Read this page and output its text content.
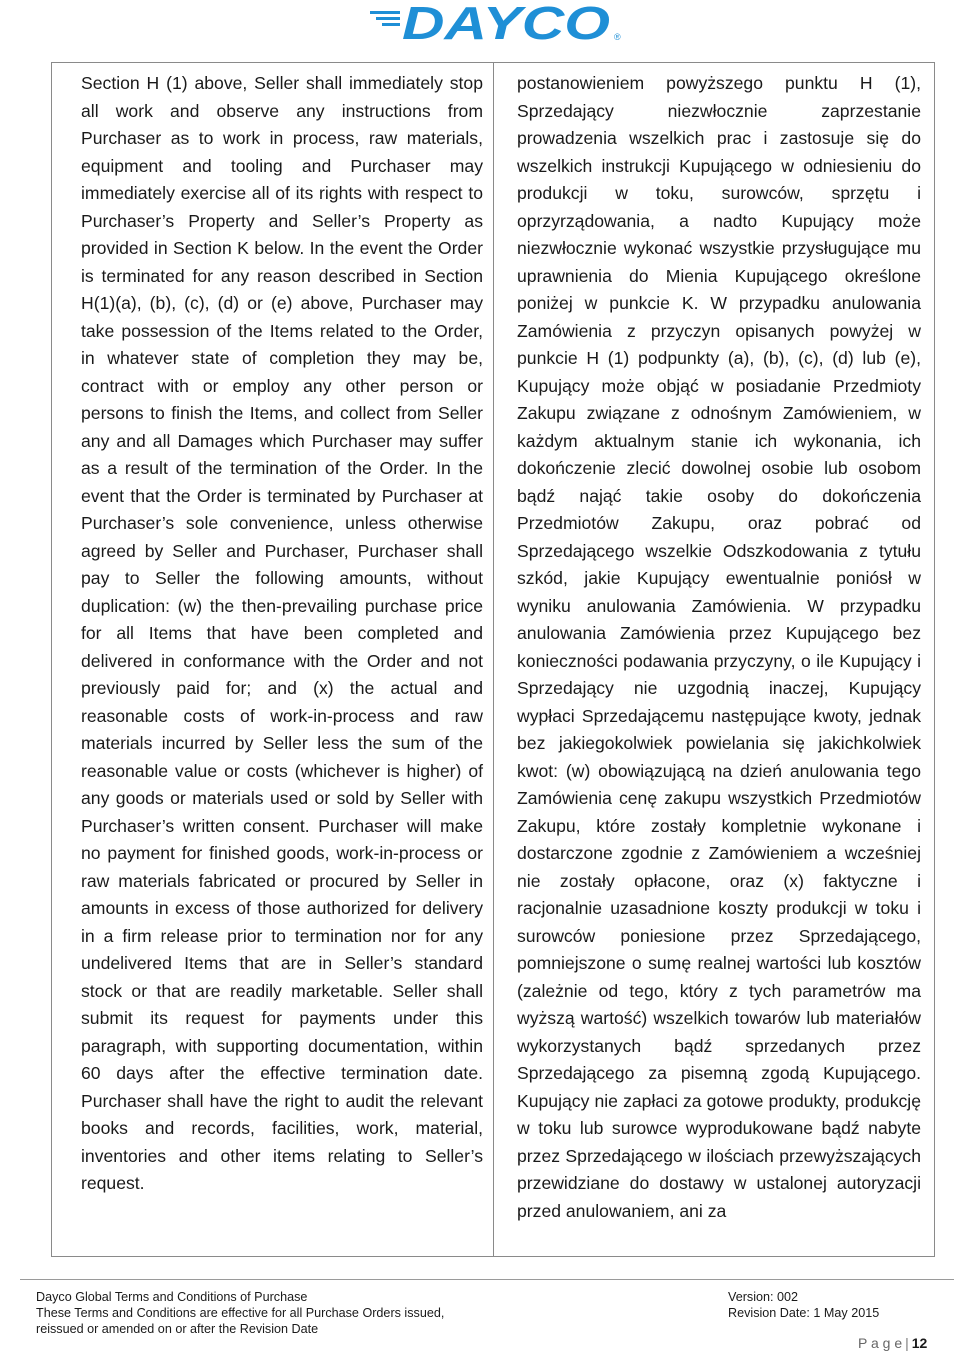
DAYCO ®

Section H (1) above, Seller shall immediately stop all work and observe any instructions from Purchaser as to work in process, raw materials, equipment and tooling and Purchaser may immediately exercise all of its rights with respect to Purchaser’s Property and Seller’s Property as provided in Section K below. In the event the Order is terminated for any reason described in Section H(1)(a), (b), (c), (d) or (e) above, Purchaser may take possession of the Items related to the Order, in whatever state of completion they may be, contract with or employ any other person or persons to finish the Items, and collect from Seller any and all Damages which Purchaser may suffer as a result of the termination of the Order. In the event that the Order is terminated by Purchaser at Purchaser’s sole convenience, unless otherwise agreed by Seller and Purchaser, Purchaser shall pay to Seller the following amounts, without duplication: (w) the then-prevailing purchase price for all Items that have been completed and delivered in conformance with the Order and not previously paid for; and (x) the actual and reasonable costs of work-in-process and raw materials incurred by Seller less the sum of the reasonable value or costs (whichever is higher) of any goods or materials used or sold by Seller with Purchaser’s written consent. Purchaser will make no payment for finished goods, work-in-process or raw materials fabricated or procured by Seller in amounts in excess of those authorized for delivery in a firm release prior to termination nor for any undelivered Items that are in Seller’s standard stock or that are readily marketable. Seller shall submit its request for payments under this paragraph, with supporting documentation, within 60 days after the effective termination date. Purchaser shall have the right to audit the relevant books and records, facilities, work, material, inventories and other items relating to Seller’s request.

postanowieniem powyższego punktu H (1), Sprzedający niezwłocznie zaprzestanie prowadzenia wszelkich prac i zastosuje się do wszelkich instrukcji Kupującego w odniesieniu do produkcji w toku, surowców, sprzętu i oprzyrządowania, a nadto Kupujący może niezwłocznie wykonać wszystkie przysługujące mu uprawnienia do Mienia Kupującego określone poniżej w punkcie K. W przypadku anulowania Zamówienia z przyczyn opisanych powyżej w punkcie H (1) podpunkty (a), (b), (c), (d) lub (e), Kupujący może objąć w posiadanie Przedmioty Zakupu związane z odnośnym Zamówieniem, w każdym aktualnym stanie ich wykonania, ich dokończenie zlecić dowolnej osobie lub osobom bądź nająć takie osoby do dokończenia Przedmiotów Zakupu, oraz pobrać od Sprzedającego wszelkie Odszkodowania z tytułu szkód, jakie Kupujący ewentualnie poniósł w wyniku anulowania Zamówienia. W przypadku anulowania Zamówienia przez Kupującego bez konieczności podawania przyczyny, o ile Kupujący i Sprzedający nie uzgodnią inaczej, Kupujący wypłaci Sprzedającemu następujące kwoty, jednak bez jakiegokolwiek powielania się jakichkolwiek kwot: (w) obowiązującą na dzień anulowania tego Zamówienia cenę zakupu wszystkich Przedmiotów Zakupu, które zostały kompletnie wykonane i dostarczone zgodnie z Zamówieniem a wcześniej nie zostały opłacone, oraz (x) faktyczne i racjonalnie uzasadnione koszty produkcji w toku i surowców poniesione przez Sprzedającego, pomniejszone o sumę realnej wartości lub kosztów (zależnie od tego, który z tych parametrów ma wyższą wartość) wszelkich towarów lub materiałów wykorzystanych bądź sprzedanych przez Sprzedającego za pisemną zgodą Kupującego. Kupujący nie zapłaci za gotowe produkty, produkcję w toku lub surowce wyprodukowane bądź nabyte przez Sprzedającego w ilościach przewyższających przewidziane do dostawy w ustalonej autoryzacji przed anulowaniem, ani za

Dayco Global Terms and Conditions of Purchase
These Terms and Conditions are effective for all Purchase Orders issued,
reissued or amended on or after the Revision Date
Version: 002
Revision Date: 1 May 2015
P a g e | 12
